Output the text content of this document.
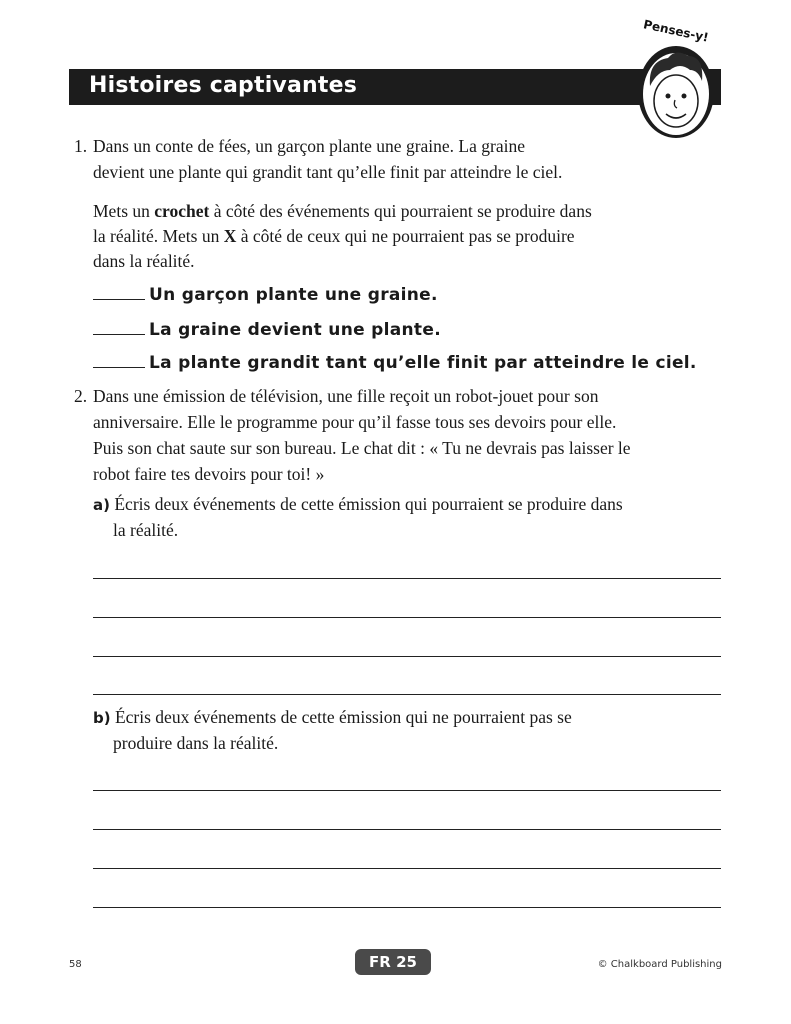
Histoires captivantes
Penses-y!
1. Dans un conte de fées, un garçon plante une graine. La graine
devient une plante qui grandit tant qu’elle finit par atteindre le ciel.
Mets un crochet à côté des événements qui pourraient se produire dans
la réalité. Mets un X à côté de ceux qui ne pourraient pas se produire
dans la réalité.
Un garçon plante une graine.
La graine devient une plante.
La plante grandit tant qu’elle finit par atteindre le ciel.
2. Dans une émission de télévision, une fille reçoit un robot-jouet pour son
anniversaire. Elle le programme pour qu’il fasse tous ses devoirs pour elle.
Puis son chat saute sur son bureau. Le chat dit : « Tu ne devrais pas laisser le
robot faire tes devoirs pour toi! »
a) Écris deux événements de cette émission qui pourraient se produire dans
la réalité.
b) Écris deux événements de cette émission qui ne pourraient pas se
produire dans la réalité.
58	FR 25	© Chalkboard Publishing
